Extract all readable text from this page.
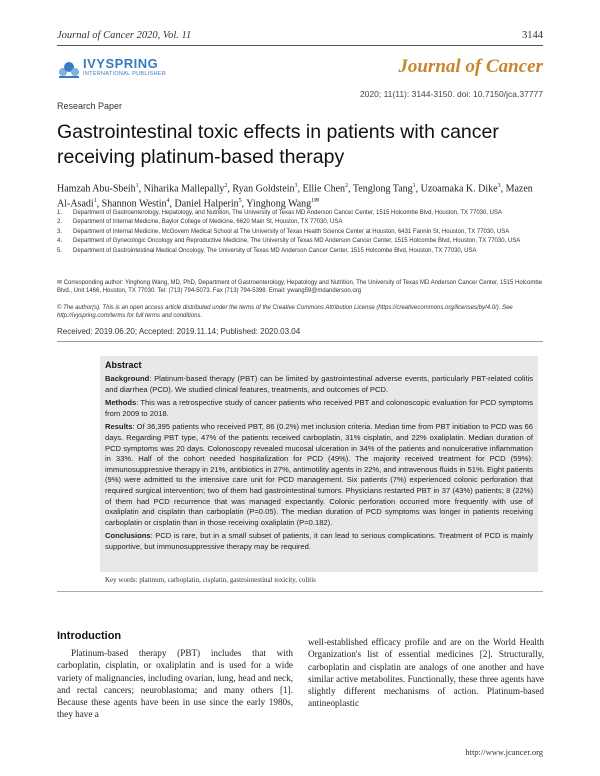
Journal of Cancer 2020, Vol. 11	3144
IVYSPRING
INTERNATIONAL PUBLISHER	Journal of Cancer
2020; 11(11): 3144-3150. doi: 10.7150/jca.37777
Research Paper
Gastrointestinal toxic effects in patients with cancer receiving platinum-based therapy
Hamzah Abu-Sbeih$^1$, Niharika Mallepally$^2$, Ryan Goldstein$^3$, Ellie Chen$^2$, Tenglong Tang$^1$, Uzoamaka K. Dike$^3$, Mazen Al-Asadi$^1$, Shannon Westin$^4$, Daniel Halperin$^5$, Yinghong Wang$^{1✉}$
1.	Department of Gastroenterology, Hepatology, and Nutrition, The University of Texas MD Anderson Cancer Center, 1515 Holcombe Blvd, Houston, TX 77030, USA
2.	Department of Internal Medicine, Baylor College of Medicine, 6620 Main St, Houston, TX 77030, USA
3.	Department of Internal Medicine, McGovern Medical School at The University of Texas Health Science Center at Houston, 6431 Fannin St, Houston, TX 77030, USA
4.	Department of Gynecologic Oncology and Reproductive Medicine, The University of Texas MD Anderson Cancer Center, 1515 Holcombe Blvd, Houston, TX 77030, USA
5.	Department of Gastrointestinal Medical Oncology, The University of Texas MD Anderson Cancer Center, 1515 Holcombe Blvd, Houston, TX 77030, USA
✉ Corresponding author: Yinghong Wang, MD, PhD, Department of Gastroenterology, Hepatology and Nutrition, The University of Texas MD Anderson Cancer Center, 1515 Holcombe Blvd., Unit 1466, Houston, TX 77030. Tel: (713) 794-5073. Fax (713) 794-5398. Email: ywang59@mdanderson.org
© The author(s). This is an open access article distributed under the terms of the Creative Commons Attribution License (https://creativecommons.org/licenses/by/4.0/). See http://ivyspring.com/terms for full terms and conditions.
Received: 2019.06.20; Accepted: 2019.11.14; Published: 2020.03.04
Abstract

Background: Platinum-based therapy (PBT) can be limited by gastrointestinal adverse events, particularly PBT-related colitis and diarrhea (PCD). We studied clinical features, treatments, and outcomes of PCD.

Methods: This was a retrospective study of cancer patients who received PBT and colonoscopic evaluation for PCD symptoms from 2009 to 2018.

Results: Of 36,395 patients who received PBT, 86 (0.2%) met inclusion criteria. Median time from PBT initiation to PCD was 66 days. Regarding PBT type, 47% of the patients received carboplatin, 31% cisplatin, and 22% oxaliplatin. Median duration of PCD symptoms was 20 days. Colonoscopy revealed mucosal ulceration in 34% of the patients and nonulcerative inflammation in 33%. Half of the cohort needed hospitalization for PCD (49%). The majority received treatment for PCD (59%): immunosuppressive therapy in 21%, antibiotics in 27%, antimotility agents in 22%, and intravenous fluids in 51%. Eight patients (9%) were admitted to the intensive care unit for PCD management. Six patients (7%) experienced colonic perforation that required surgical intervention; two of them had gastrointestinal tumors. Physicians restarted PBT in 37 (43%) patients; 8 (22%) of them had PCD recurrence that was managed expectantly. Colonic perforation occurred more frequently with use of oxaliplatin and cisplatin than carboplatin (P=0.05). The median duration of PCD symptoms was longer in patients receiving carboplatin or cisplatin than in those receiving oxaliplatin (P=0.182).

Conclusions: PCD is rare, but in a small subset of patients, it can lead to serious complications. Treatment of PCD is mainly supportive, but immunosuppressive therapy may be required.

Key words: platinum, carboplatin, cisplatin, gastrointestinal toxicity, colitis
Introduction
Platinum-based therapy (PBT) includes that with carboplatin, cisplatin, or oxaliplatin and is used for a wide variety of malignancies, including ovarian, lung, head and neck, and rectal cancers; neuroblastoma; and many others [1]. Because these agents have been in use since the early 1980s, they have a
well-established efficacy profile and are on the World Health Organization's list of essential medicines [2]. Structurally, carboplatin and cisplatin are analogs of one another and have similar active metabolites. Functionally, these three agents have slightly different mechanisms of action. Platinum-based antineoplastic
http://www.jcancer.org
